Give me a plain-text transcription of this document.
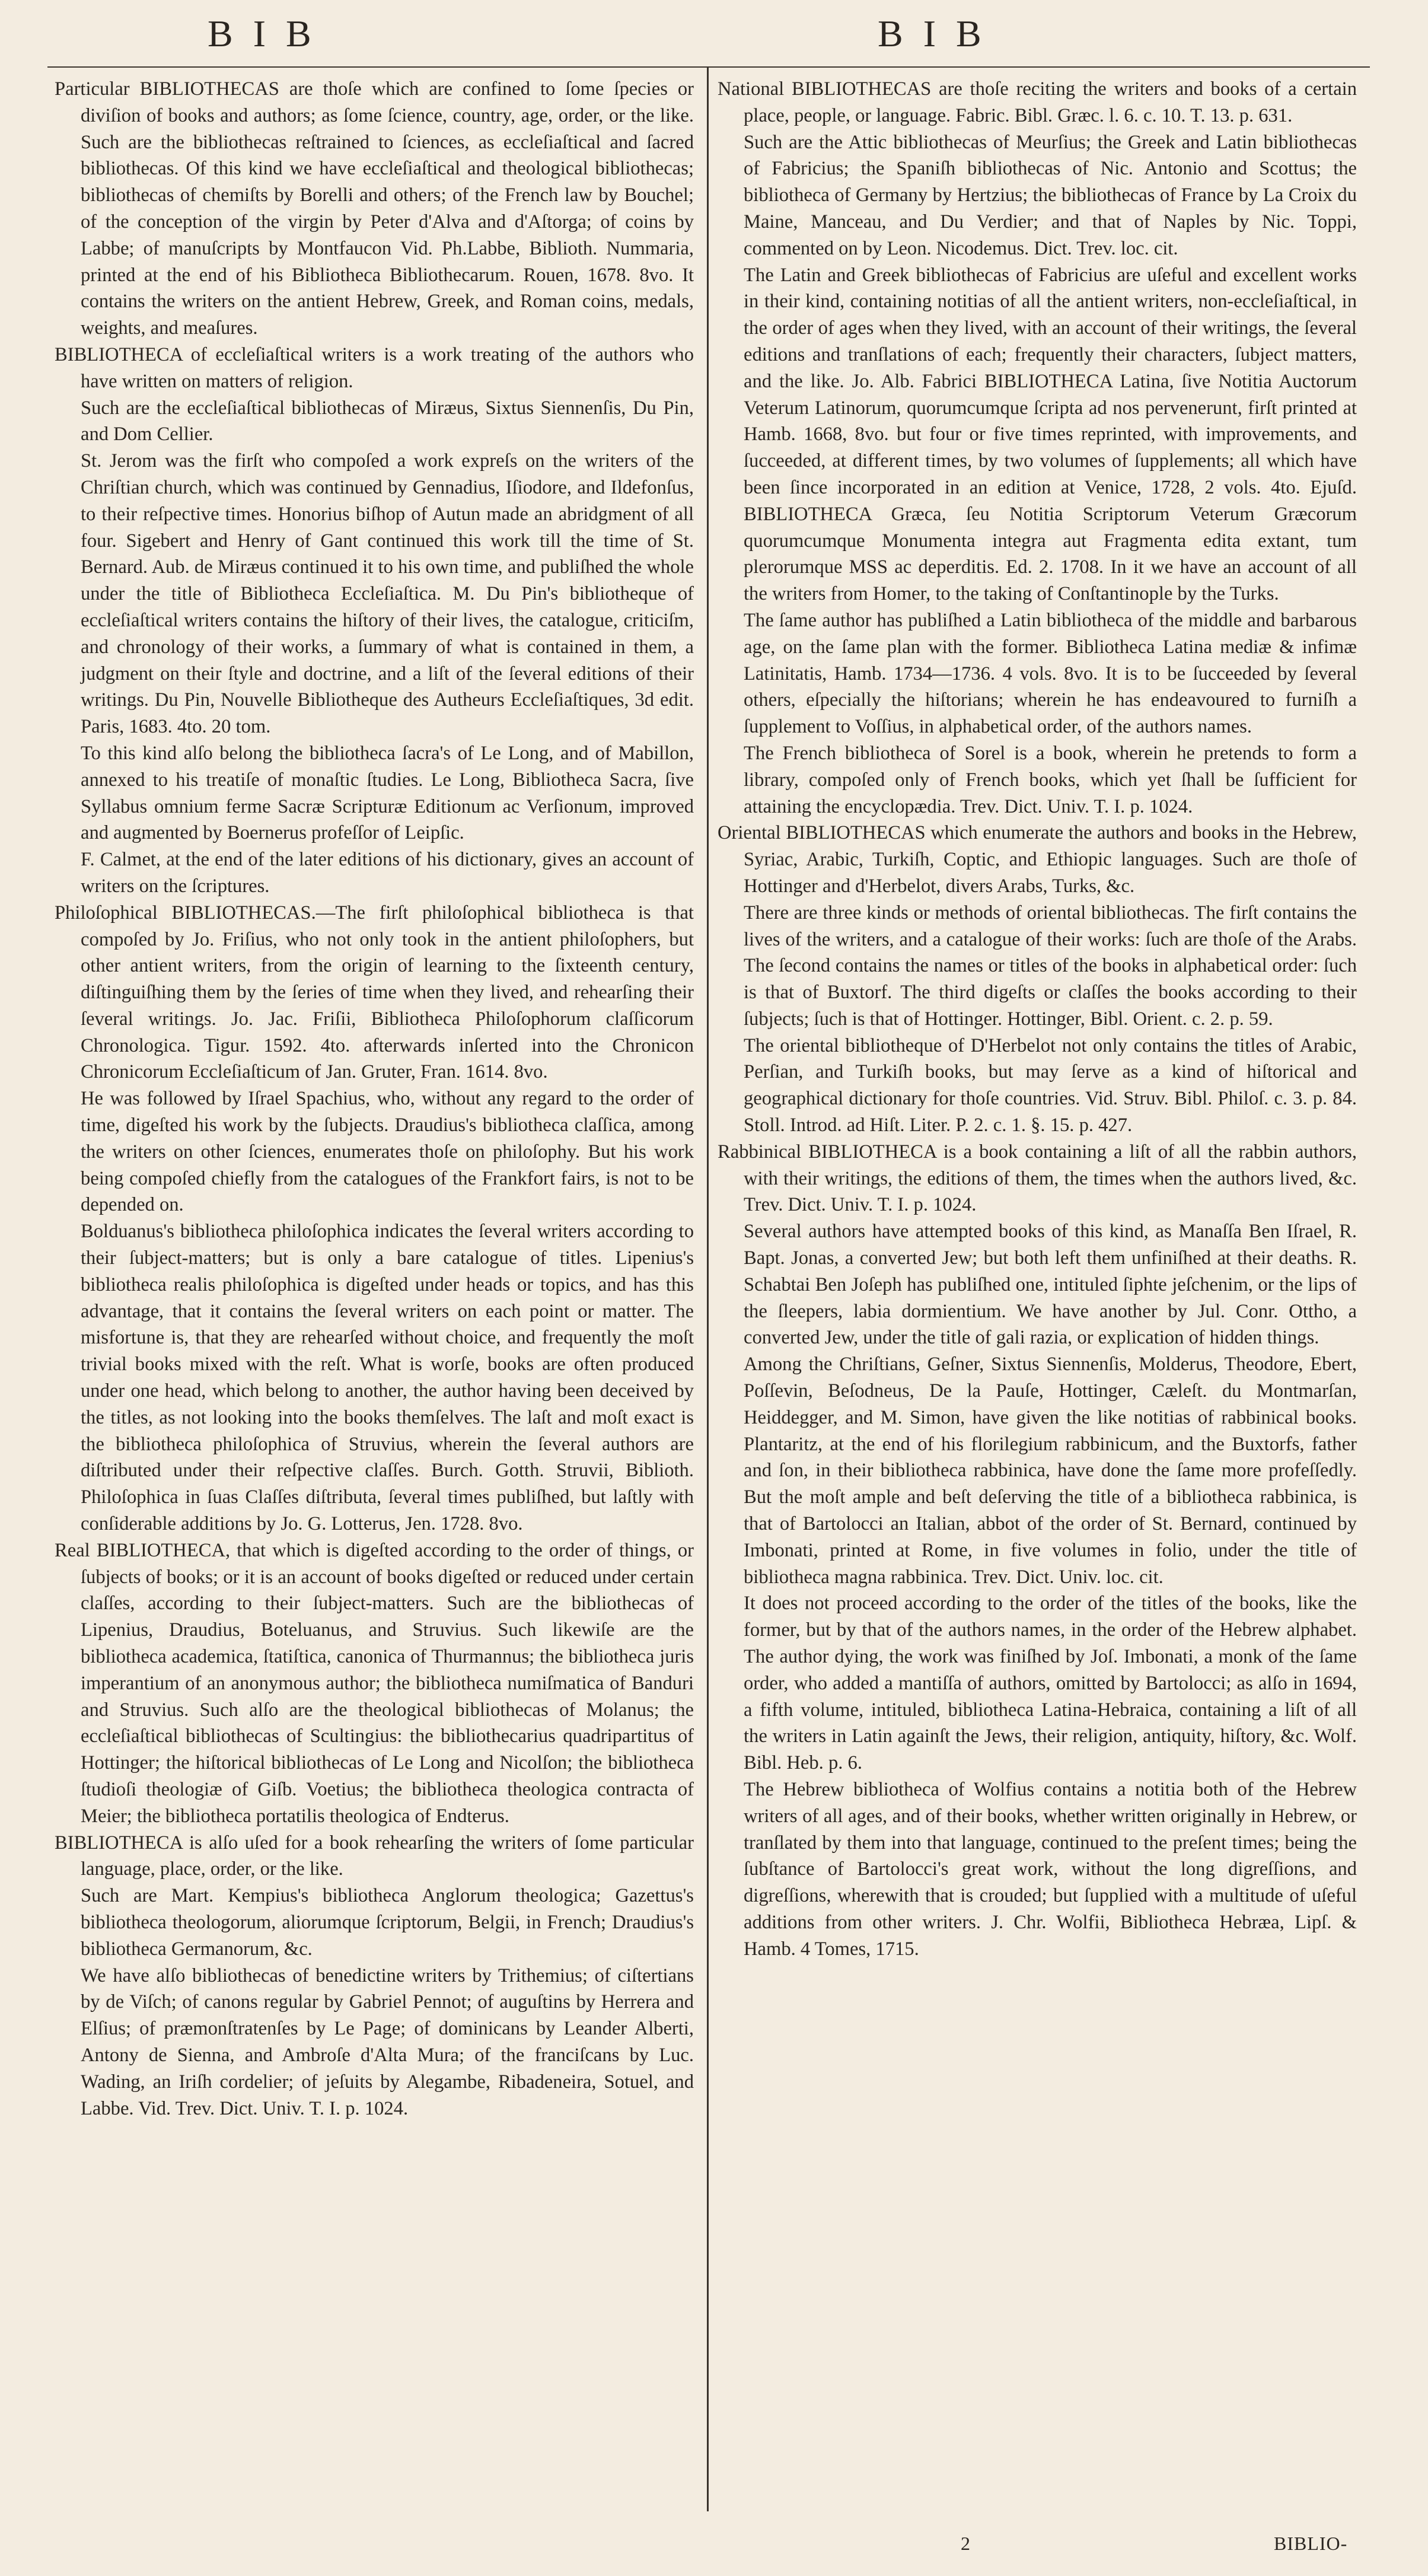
BIB	BIB

Particular BIBLIOTHECAS are thoſe which are confined to ſome ſpecies or diviſion of books and authors; as ſome ſcience, country, age, order, or the like. Such are the bibliothecas reſtrained to ſciences, as eccleſiaſtical and ſacred bibliothecas. Of this kind we have eccleſiaſtical and theological bibliothecas; bibliothecas of chemiſts by Borelli and others; of the French law by Bouchel; of the conception of the virgin by Peter d'Alva and d'Aſtorga; of coins by Labbe; of manuſcripts by Montfaucon Vid. Ph.Labbe, Biblioth. Nummaria, printed at the end of his Bibliotheca Bibliothecarum. Rouen, 1678. 8vo. It contains the writers on the antient Hebrew, Greek, and Roman coins, medals, weights, and meaſures.

BIBLIOTHECA of eccleſiaſtical writers is a work treating of the authors who have written on matters of religion.

Such are the eccleſiaſtical bibliothecas of Miræus, Sixtus Siennenſis, Du Pin, and Dom Cellier.

St. Jerom was the firſt who compoſed a work expreſs on the writers of the Chriſtian church, which was continued by Gennadius, Iſiodore, and Ildefonſus, to their reſpective times. Honorius biſhop of Autun made an abridgment of all four. Sigebert and Henry of Gant continued this work till the time of St. Bernard. Aub. de Miræus continued it to his own time, and publiſhed the whole under the title of Bibliotheca Eccleſiaſtica. M. Du Pin's bibliotheque of eccleſiaſtical writers contains the hiſtory of their lives, the catalogue, criticiſm, and chronology of their works, a ſummary of what is contained in them, a judgment on their ſtyle and doctrine, and a liſt of the ſeveral editions of their writings. Du Pin, Nouvelle Bibliotheque des Autheurs Eccleſiaſtiques, 3d edit. Paris, 1683. 4to. 20 tom.

To this kind alſo belong the bibliotheca ſacra's of Le Long, and of Mabillon, annexed to his treatiſe of monaſtic ſtudies. Le Long, Bibliotheca Sacra, ſive Syllabus omnium ferme Sacræ Scripturæ Editionum ac Verſionum, improved and augmented by Boernerus profeſſor of Leipſic.

F. Calmet, at the end of the later editions of his dictionary, gives an account of writers on the ſcriptures.

Philoſophical BIBLIOTHECAS.—The firſt philoſophical bibliotheca is that compoſed by Jo. Friſius, who not only took in the antient philoſophers, but other antient writers, from the origin of learning to the ſixteenth century, diſtinguiſhing them by the ſeries of time when they lived, and rehearſing their ſeveral writings. Jo. Jac. Friſii, Bibliotheca Philoſophorum claſſicorum Chronologica. Tigur. 1592. 4to. afterwards inſerted into the Chronicon Chronicorum Eccleſiaſticum of Jan. Gruter, Fran. 1614. 8vo.

He was followed by Iſrael Spachius, who, without any regard to the order of time, digeſted his work by the ſubjects. Draudius's bibliotheca claſſica, among the writers on other ſciences, enumerates thoſe on philoſophy. But his work being compoſed chiefly from the catalogues of the Frankfort fairs, is not to be depended on.

Bolduanus's bibliotheca philoſophica indicates the ſeveral writers according to their ſubject-matters; but is only a bare catalogue of titles. Lipenius's bibliotheca realis philoſophica is digeſted under heads or topics, and has this advantage, that it contains the ſeveral writers on each point or matter. The misfortune is, that they are rehearſed without choice, and frequently the moſt trivial books mixed with the reſt. What is worſe, books are often produced under one head, which belong to another, the author having been deceived by the titles, as not looking into the books themſelves. The laſt and moſt exact is the bibliotheca philoſophica of Struvius, wherein the ſeveral authors are diſtributed under their reſpective claſſes. Burch. Gotth. Struvii, Biblioth. Philoſophica in ſuas Claſſes diſtributa, ſeveral times publiſhed, but laſtly with conſiderable additions by Jo. G. Lotterus, Jen. 1728. 8vo.

Real BIBLIOTHECA, that which is digeſted according to the order of things, or ſubjects of books; or it is an account of books digeſted or reduced under certain claſſes, according to their ſubject-matters. Such are the bibliothecas of Lipenius, Draudius, Boteluanus, and Struvius. Such likewiſe are the bibliotheca academica, ſtatiſtica, canonica of Thurmannus; the bibliotheca juris imperantium of an anonymous author; the bibliotheca numiſmatica of Banduri and Struvius. Such alſo are the theological bibliothecas of Molanus; the eccleſiaſtical bibliothecas of Scultingius: the bibliothecarius quadripartitus of Hottinger; the hiſtorical bibliothecas of Le Long and Nicolſon; the bibliotheca ſtudioſi theologiæ of Giſb. Voetius; the bibliotheca theologica contracta of Meier; the bibliotheca portatilis theologica of Endterus.

BIBLIOTHECA is alſo uſed for a book rehearſing the writers of ſome particular language, place, order, or the like.

Such are Mart. Kempius's bibliotheca Anglorum theologica; Gazettus's bibliotheca theologorum, aliorumque ſcriptorum, Belgii, in French; Draudius's bibliotheca Germanorum, &c.

We have alſo bibliothecas of benedictine writers by Trithemius; of ciſtertians by de Viſch; of canons regular by Gabriel Pennot; of auguſtins by Herrera and Elſius; of præmonſtratenſes by Le Page; of dominicans by Leander Alberti, Antony de Sienna, and Ambroſe d'Alta Mura; of the franciſcans by Luc. Wading, an Iriſh cordelier; of jeſuits by Alegambe, Ribadeneira, Sotuel, and Labbe. Vid. Trev. Dict. Univ. T. I. p. 1024.

National BIBLIOTHECAS are thoſe reciting the writers and books of a certain place, people, or language. Fabric. Bibl. Græc. l. 6. c. 10. T. 13. p. 631.

Such are the Attic bibliothecas of Meurſius; the Greek and Latin bibliothecas of Fabricius; the Spaniſh bibliothecas of Nic. Antonio and Scottus; the bibliotheca of Germany by Hertzius; the bibliothecas of France by La Croix du Maine, Manceau, and Du Verdier; and that of Naples by Nic. Toppi, commented on by Leon. Nicodemus. Dict. Trev. loc. cit.

The Latin and Greek bibliothecas of Fabricius are uſeful and excellent works in their kind, containing notitias of all the antient writers, non-eccleſiaſtical, in the order of ages when they lived, with an account of their writings, the ſeveral editions and tranſlations of each; frequently their characters, ſubject matters, and the like. Jo. Alb. Fabrici BIBLIOTHECA Latina, ſive Notitia Auctorum Veterum Latinorum, quorumcumque ſcripta ad nos pervenerunt, firſt printed at Hamb. 1668, 8vo. but four or five times reprinted, with improvements, and ſucceeded, at different times, by two volumes of ſupplements; all which have been ſince incorporated in an edition at Venice, 1728, 2 vols. 4to. Ejuſd. BIBLIOTHECA Græca, ſeu Notitia Scriptorum Veterum Græcorum quorumcumque Monumenta integra aut Fragmenta edita extant, tum plerorumque MSS ac deperditis. Ed. 2. 1708. In it we have an account of all the writers from Homer, to the taking of Conſtantinople by the Turks.

The ſame author has publiſhed a Latin bibliotheca of the middle and barbarous age, on the ſame plan with the former. Bibliotheca Latina mediæ & infimæ Latinitatis, Hamb. 1734—1736. 4 vols. 8vo. It is to be ſucceeded by ſeveral others, eſpecially the hiſtorians; wherein he has endeavoured to furniſh a ſupplement to Voſſius, in alphabetical order, of the authors names.

The French bibliotheca of Sorel is a book, wherein he pretends to form a library, compoſed only of French books, which yet ſhall be ſufficient for attaining the encyclopædia. Trev. Dict. Univ. T. I. p. 1024.

Oriental BIBLIOTHECAS which enumerate the authors and books in the Hebrew, Syriac, Arabic, Turkiſh, Coptic, and Ethiopic languages. Such are thoſe of Hottinger and d'Herbelot, divers Arabs, Turks, &c.

There are three kinds or methods of oriental bibliothecas. The firſt contains the lives of the writers, and a catalogue of their works: ſuch are thoſe of the Arabs. The ſecond contains the names or titles of the books in alphabetical order: ſuch is that of Buxtorf. The third digeſts or claſſes the books according to their ſubjects; ſuch is that of Hottinger. Hottinger, Bibl. Orient. c. 2. p. 59.

The oriental bibliotheque of D'Herbelot not only contains the titles of Arabic, Perſian, and Turkiſh books, but may ſerve as a kind of hiſtorical and geographical dictionary for thoſe countries. Vid. Struv. Bibl. Philoſ. c. 3. p. 84. Stoll. Introd. ad Hiſt. Liter. P. 2. c. 1. §. 15. p. 427.

Rabbinical BIBLIOTHECA is a book containing a liſt of all the rabbin authors, with their writings, the editions of them, the times when the authors lived, &c. Trev. Dict. Univ. T. I. p. 1024.

Several authors have attempted books of this kind, as Manaſſa Ben Iſrael, R. Bapt. Jonas, a converted Jew; but both left them unfiniſhed at their deaths. R. Schabtai Ben Joſeph has publiſhed one, intituled ſiphte jeſchenim, or the lips of the ſleepers, labia dormientium. We have another by Jul. Conr. Ottho, a converted Jew, under the title of gali razia, or explication of hidden things.

Among the Chriſtians, Geſner, Sixtus Siennenſis, Molderus, Theodore, Ebert, Poſſevin, Beſodneus, De la Pauſe, Hottinger, Cæleſt. du Montmarſan, Heiddegger, and M. Simon, have given the like notitias of rabbinical books. Plantaritz, at the end of his florilegium rabbinicum, and the Buxtorfs, father and ſon, in their bibliotheca rabbinica, have done the ſame more profeſſedly. But the moſt ample and beſt deſerving the title of a bibliotheca rabbinica, is that of Bartolocci an Italian, abbot of the order of St. Bernard, continued by Imbonati, printed at Rome, in five volumes in folio, under the title of bibliotheca magna rabbinica. Trev. Dict. Univ. loc. cit.

It does not proceed according to the order of the titles of the books, like the former, but by that of the authors names, in the order of the Hebrew alphabet. The author dying, the work was finiſhed by Joſ. Imbonati, a monk of the ſame order, who added a mantiſſa of authors, omitted by Bartolocci; as alſo in 1694, a fifth volume, intituled, bibliotheca Latina-Hebraica, containing a liſt of all the writers in Latin againſt the Jews, their religion, antiquity, hiſtory, &c. Wolf. Bibl. Heb. p. 6.

The Hebrew bibliotheca of Wolfius contains a notitia both of the Hebrew writers of all ages, and of their books, whether written originally in Hebrew, or tranſlated by them into that language, continued to the preſent times; being the ſubſtance of Bartolocci's great work, without the long digreſſions, and digreſſions, wherewith that is crouded; but ſupplied with a multitude of uſeful additions from other writers. J. Chr. Wolfii, Bibliotheca Hebræa, Lipſ. & Hamb. 4 Tomes, 1715.

2	BIBLIO-
